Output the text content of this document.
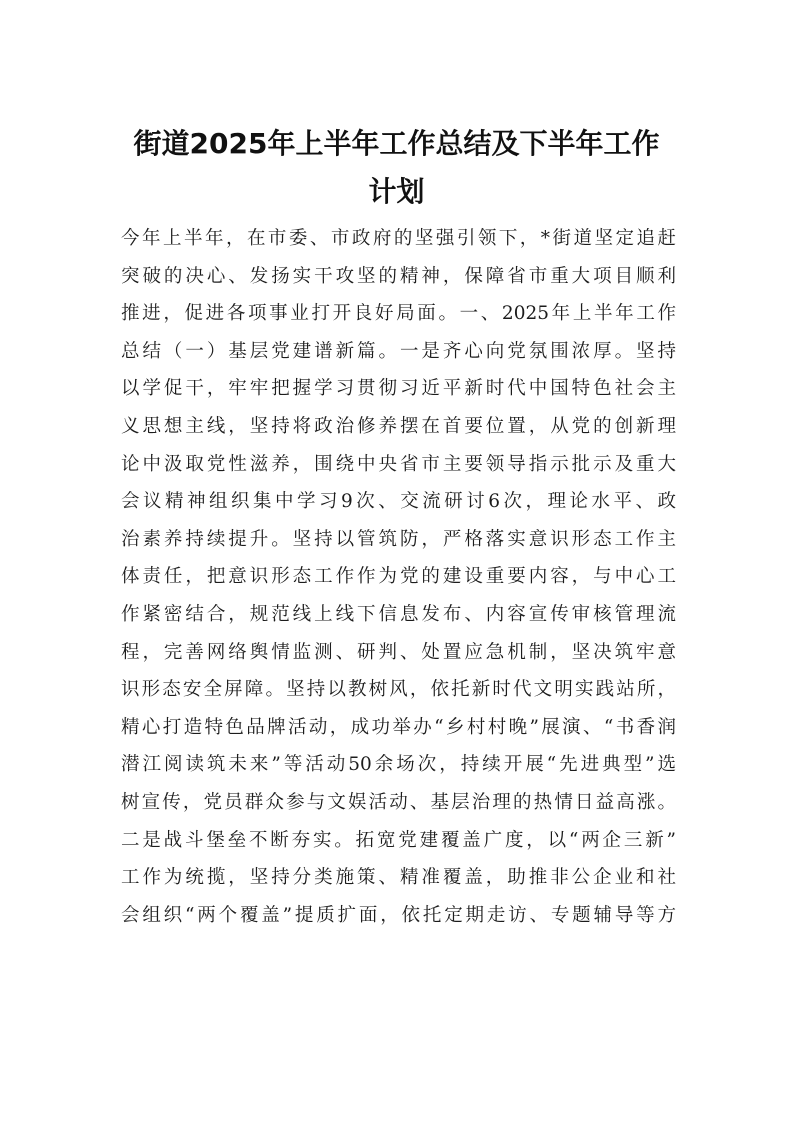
街道2025年上半年工作总结及下半年工作
计划
今年上半年，在市委、市政府的坚强引领下，*街道坚定追赶
突破的决心、发扬实干攻坚的精神，保障省市重大项目顺利
推进，促进各项事业打开良好局面。一、2025年上半年工作
总结（一）基层党建谱新篇。一是齐心向党氛围浓厚。坚持
以学促干，牢牢把握学习贯彻习近平新时代中国特色社会主
义思想主线，坚持将政治修养摆在首要位置，从党的创新理
论中汲取党性滋养，围绕中央省市主要领导指示批示及重大
会议精神组织集中学习9次、交流研讨6次，理论水平、政
治素养持续提升。坚持以管筑防，严格落实意识形态工作主
体责任，把意识形态工作作为党的建设重要内容，与中心工
作紧密结合，规范线上线下信息发布、内容宣传审核管理流
程，完善网络舆情监测、研判、处置应急机制，坚决筑牢意
识形态安全屏障。坚持以教树风，依托新时代文明实践站所，
精心打造特色品牌活动，成功举办“乡村村晚”展演、“书香润
潜江阅读筑未来”等活动50余场次，持续开展“先进典型”选
树宣传，党员群众参与文娱活动、基层治理的热情日益高涨。
二是战斗堡垒不断夯实。拓宽党建覆盖广度，以“两企三新”
工作为统揽，坚持分类施策、精准覆盖，助推非公企业和社
会组织“两个覆盖”提质扩面，依托定期走访、专题辅导等方
